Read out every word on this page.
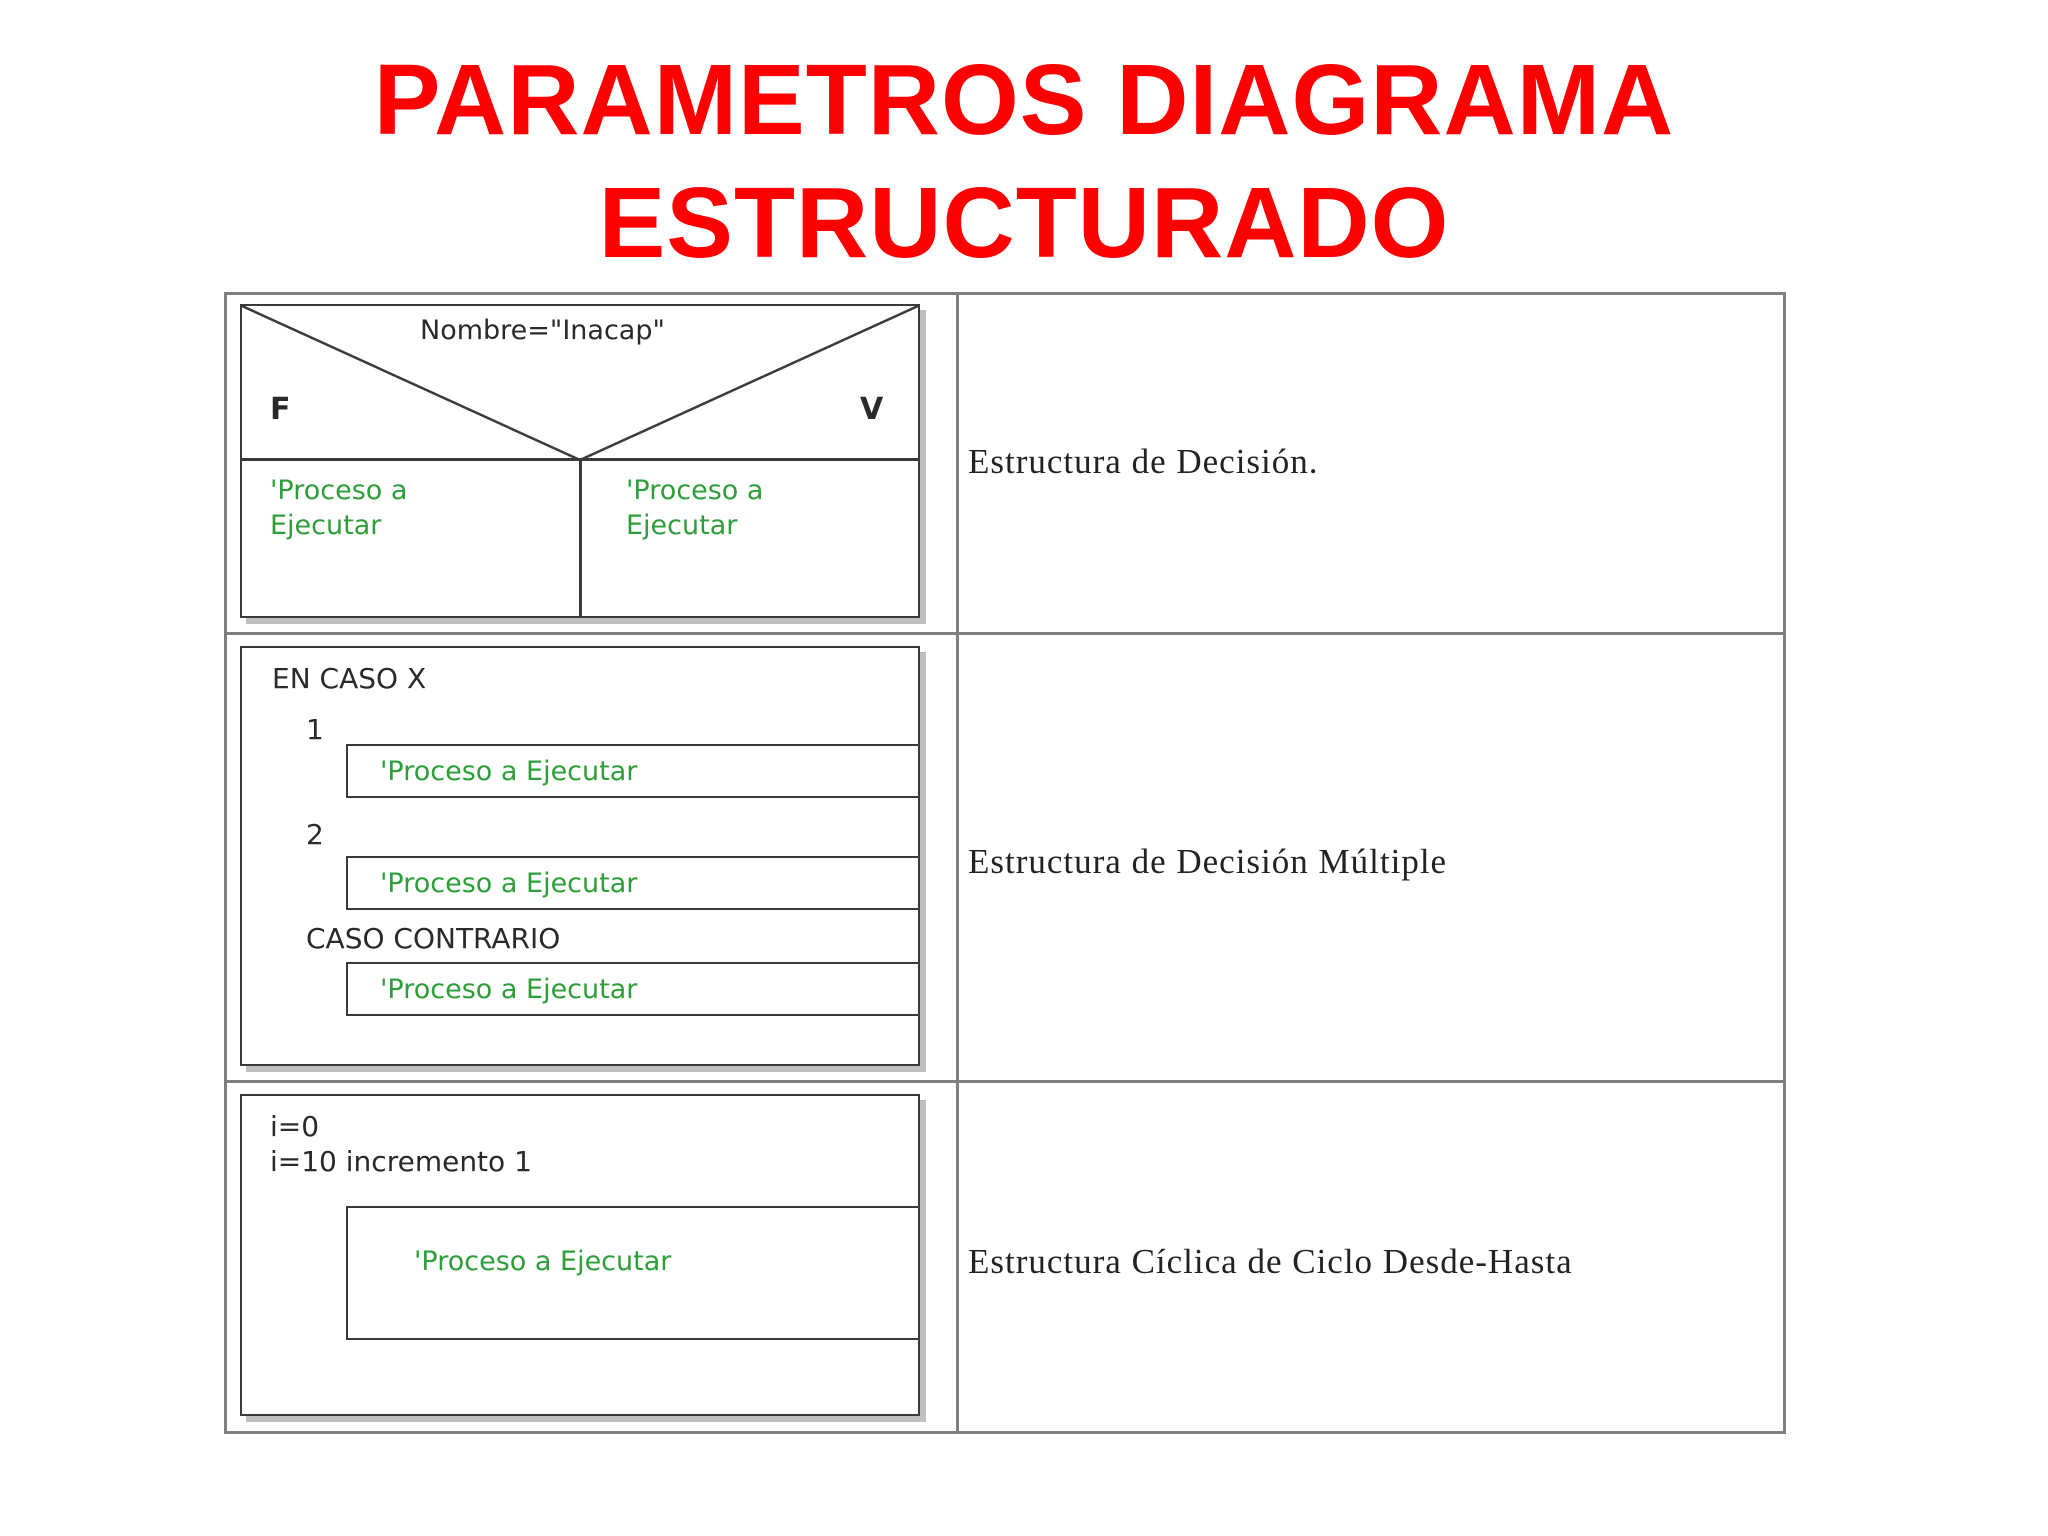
PARAMETROS DIAGRAMA
ESTRUCTURADO
Nombre="Inacap"
F	V
'Proceso a
Ejecutar
'Proceso a
Ejecutar
Estructura de Decisión.
EN CASO X
1
'Proceso a Ejecutar
2
'Proceso a Ejecutar
CASO CONTRARIO
'Proceso a Ejecutar
Estructura de Decisión Múltiple
i=0
i=10 incremento 1
'Proceso a Ejecutar	Estructura Cíclica de Ciclo Desde-Hasta
